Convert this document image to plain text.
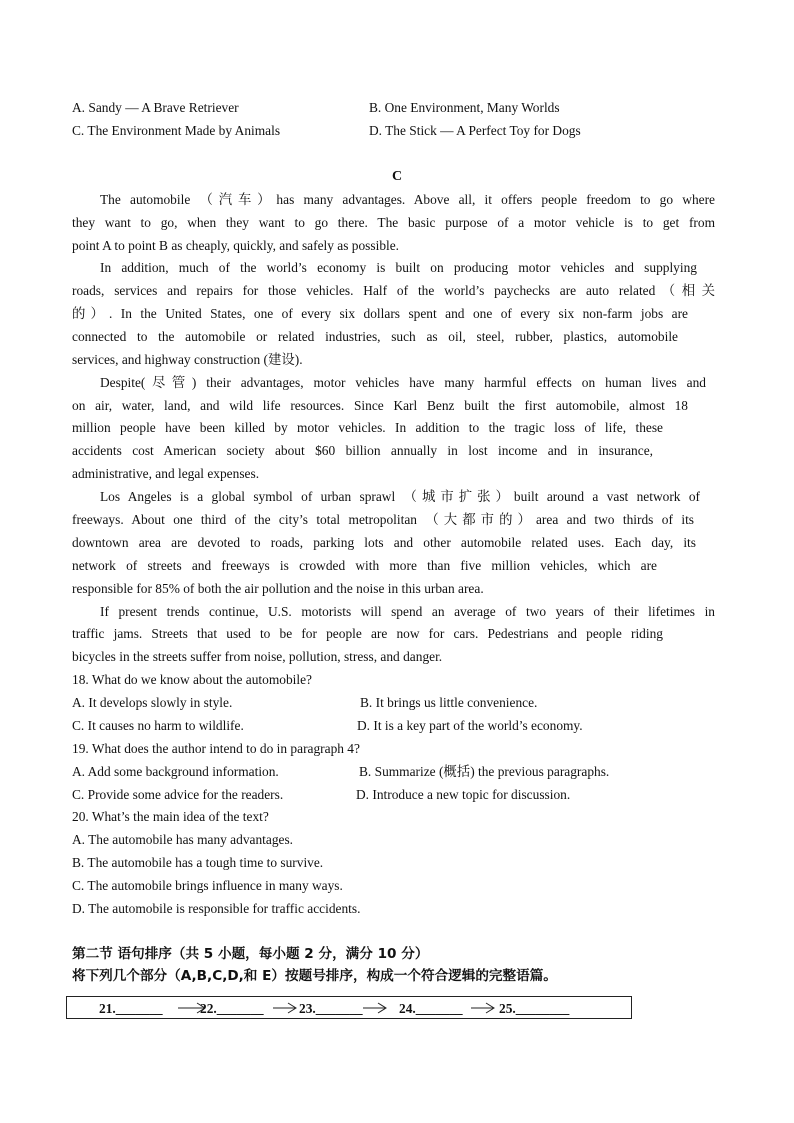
A. Sandy — A Brave Retriever	B. One Environment, Many Worlds
C. The Environment Made by Animals	D. The Stick — A Perfect Toy for Dogs
C
The automobile （汽车）has many advantages. Above all, it offers people freedom to go where
they want to go, when they want to go there. The basic purpose of a motor vehicle is to get from
point A to point B as cheaply, quickly, and safely as possible.
In addition, much of the world’s economy is built on producing motor vehicles and supplying
roads, services and repairs for those vehicles. Half of the world’s paychecks are auto related（相关
的）. In the United States, one of every six dollars spent and one of every six non-farm jobs are
connected to the automobile or related industries, such as oil, steel, rubber, plastics, automobile
services, and highway construction (建设).
Despite(尽管) their advantages, motor vehicles have many harmful effects on human lives and
on air, water, land, and wild life resources. Since Karl Benz built the first automobile, almost 18
million people have been killed by motor vehicles. In addition to the tragic loss of life, these
accidents cost American society about $60 billion annually in lost income and in insurance,
administrative, and legal expenses.
Los Angeles is a global symbol of urban sprawl （城市扩张）built around a vast network of
freeways. About one third of the city’s total metropolitan （大都市的）area and two thirds of its
downtown area are devoted to roads, parking lots and other automobile related uses. Each day, its
network of streets and freeways is crowded with more than five million vehicles, which are
responsible for 85% of both the air pollution and the noise in this urban area.
If present trends continue, U.S. motorists will spend an average of two years of their lifetimes in
traffic jams. Streets that used to be for people are now for cars. Pedestrians and people riding
bicycles in the streets suffer from noise, pollution, stress, and danger.
18. What do we know about the automobile?
A. It develops slowly in style.	B. It brings us little convenience.
C. It causes no harm to wildlife.	D. It is a key part of the world’s economy.
19. What does the author intend to do in paragraph 4?
A. Add some background information.	B. Summarize (概括) the previous paragraphs.
C. Provide some advice for the readers.	D. Introduce a new topic for discussion.
20. What’s the main idea of the text?
A. The automobile has many advantages.
B. The automobile has a tough time to survive.
C. The automobile brings influence in many ways.
D. The automobile is responsible for traffic accidents.
第二节 语句排序（共 5 小题，每小题 2 分，满分 10 分）
将下列几个部分（A,B,C,D,和 E）按题号排序，构成一个符合逻辑的完整语篇。
21._______	22._______	23._______	24._______	25.________
